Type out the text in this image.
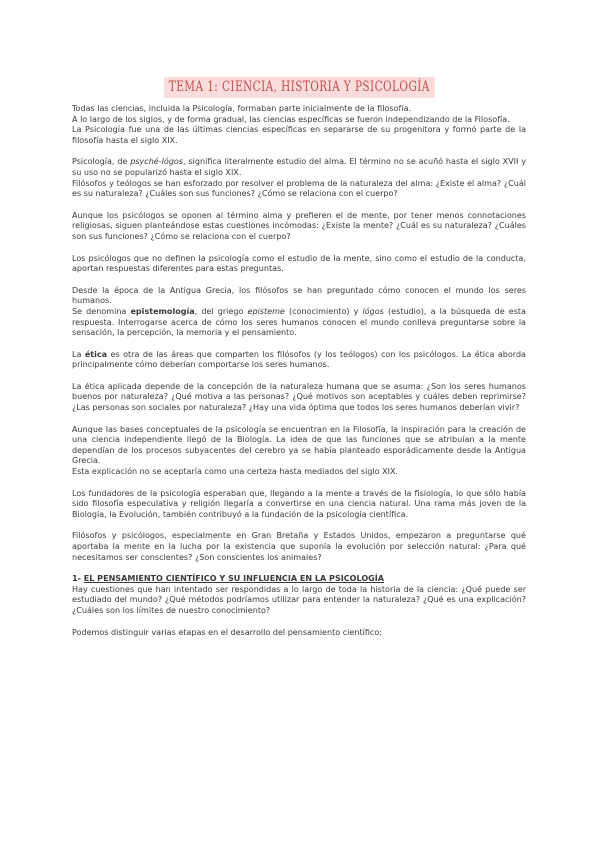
TEMA 1: CIENCIA, HISTORIA Y PSICOLOGÍA

Todas las ciencias, incluida la Psicología, formaban parte inicialmente de la filosofía.

A lo largo de los siglos, y de forma gradual, las ciencias específicas se fueron independizando de la Filosofía.

La Psicología fue una de las últimas ciencias específicas en separarse de su progenitora y formó parte de la filosofía hasta el siglo XIX.

Psicología, de psyché-lógos, significa literalmente estudio del alma. El término no se acuñó hasta el siglo XVII y su uso no se popularizó hasta el siglo XIX.

Filósofos y teólogos se han esforzado por resolver el problema de la naturaleza del alma: ¿Existe el alma? ¿Cuál es su naturaleza? ¿Cuáles son sus funciones? ¿Cómo se relaciona con el cuerpo?

Aunque los psicólogos se oponen al término alma y prefieren el de mente, por tener menos connotaciones religiosas, siguen planteándose estas cuestiones incómodas: ¿Existe la mente? ¿Cuál es su naturaleza? ¿Cuáles son sus funciones? ¿Cómo se relaciona con el cuerpo?

Los psicólogos que no definen la psicología como el estudio de la mente, sino como el estudio de la conducta, aportan respuestas diferentes para estas preguntas.

Desde la época de la Antigua Grecia, los filósofos se han preguntado cómo conocen el mundo los seres humanos.

Se denomina epistemología, del griego episteme (conocimiento) y lógos (estudio), a la búsqueda de esta respuesta. Interrogarse acerca de cómo los seres humanos conocen el mundo conlleva preguntarse sobre la sensación, la percepción, la memoria y el pensamiento.

La ética es otra de las áreas que comparten los filósofos (y los teólogos) con los psicólogos. La ética aborda principalmente cómo deberían comportarse los seres humanos.

La ética aplicada depende de la concepción de la naturaleza humana que se asuma: ¿Son los seres humanos buenos por naturaleza? ¿Qué motiva a las personas? ¿Qué motivos son aceptables y cuáles deben reprimirse? ¿Las personas son sociales por naturaleza? ¿Hay una vida óptima que todos los seres humanos deberían vivir?

Aunque las bases conceptuales de la psicología se encuentran en la Filosofía, la inspiración para la creación de una ciencia independiente llegó de la Biología. La idea de que las funciones que se atribuían a la mente dependían de los procesos subyacentes del cerebro ya se había planteado esporádicamente desde la Antigua Grecia.

Esta explicación no se aceptaría como una certeza hasta mediados del siglo XIX.

Los fundadores de la psicología esperaban que, llegando a la mente a través de la fisiología, lo que sólo había sido filosofía especulativa y religión llegaría a convertirse en una ciencia natural. Una rama más joven de la Biología, la Evolución, también contribuyó a la fundación de la psicología científica.

Filósofos y psicólogos, especialmente en Gran Bretaña y Estados Unidos, empezaron a preguntarse qué aportaba la mente en la lucha por la existencia que suponía la evolución por selección natural: ¿Para qué necesitamos ser conscientes? ¿Son conscientes los animales?

1- EL PENSAMIENTO CIENTÍFICO Y SU INFLUENCIA EN LA PSICOLOGÍA

Hay cuestiones que han intentado ser respondidas a lo largo de toda la historia de la ciencia: ¿Qué puede ser estudiado del mundo? ¿Qué métodos podríamos utilizar para entender la naturaleza? ¿Qué es una explicación? ¿Cuáles son los límites de nuestro conocimiento?

Podemos distinguir varias etapas en el desarrollo del pensamiento científico:
